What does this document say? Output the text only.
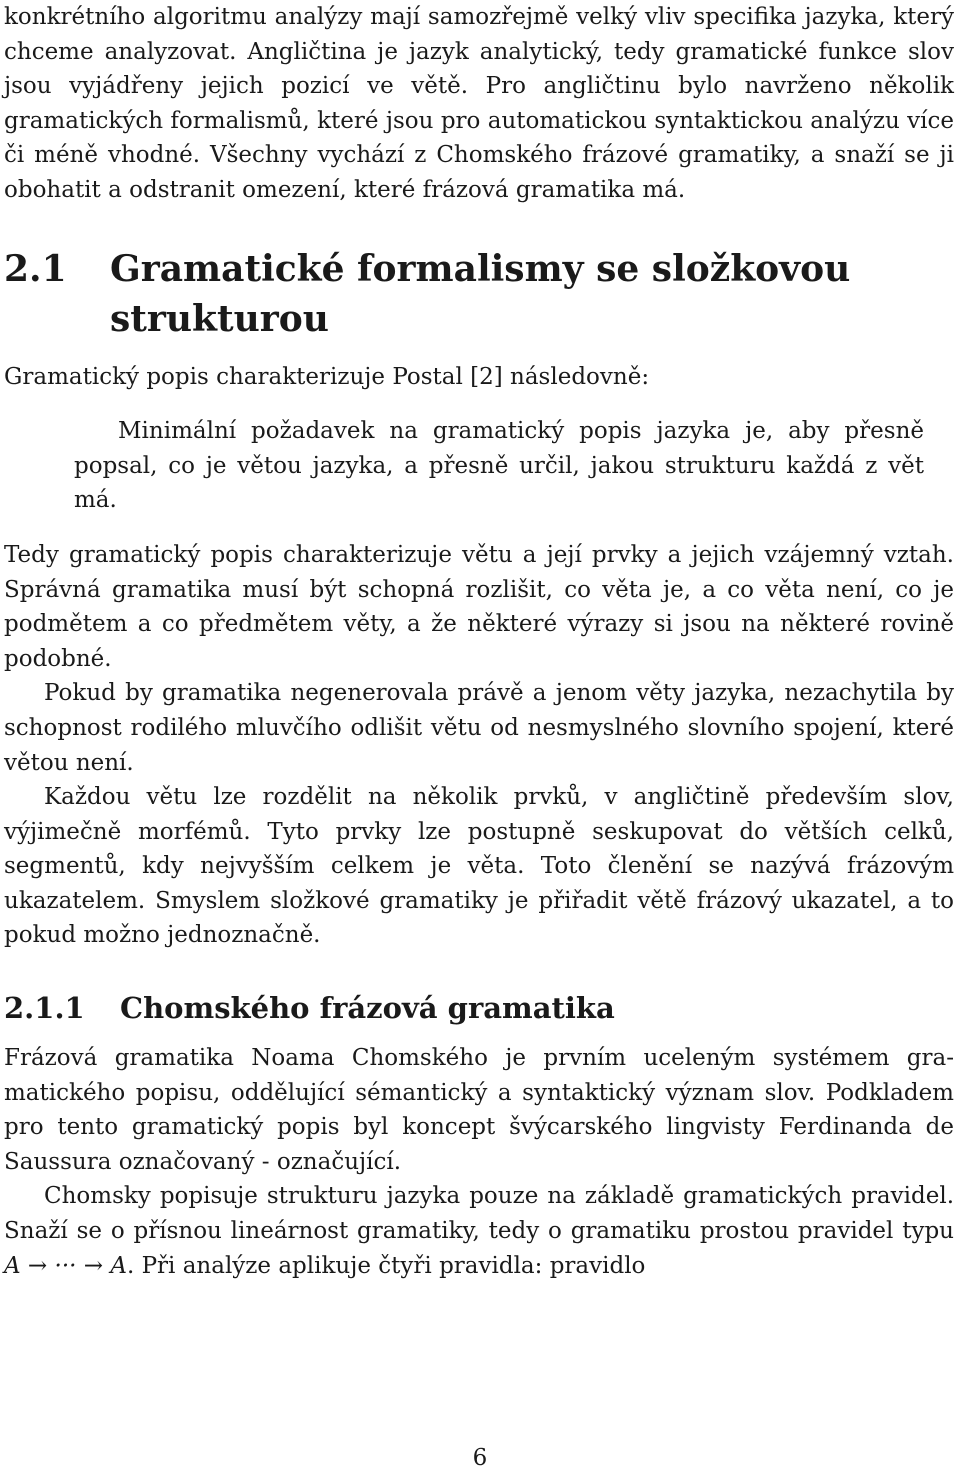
konkrétního algoritmu analýzy mají samozřejmě velký vliv specifika jazyka, který chceme analyzovat. Angličtina je jazyk analytický, tedy gramatické funkce slov jsou vyjádřeny jejich pozicí ve větě. Pro angličtinu bylo navrženo několik gramatických formalismů, které jsou pro automatickou syntaktickou analýzu více či méně vhodné. Všechny vychází z Chomského frázové gramatiky, a snaží se ji obohatit a odstranit omezení, které frázová gramatika má.

2.1	Gramatické formalismy se složkovou strukturou

Gramatický popis charakterizuje Postal [2] následovně:

Minimální požadavek na gramatický popis jazyka je, aby přesně popsal, co je větou jazyka, a přesně určil, jakou strukturu každá z vět má.

Tedy gramatický popis charakterizuje větu a její prvky a jejich vzájemný vztah. Správná gramatika musí být schopná rozlišit, co věta je, a co věta není, co je podmětem a co předmětem věty, a že některé výrazy si jsou na některé rovině podobné.

Pokud by gramatika negenerovala právě a jenom věty jazyka, nezachytila by schopnost rodilého mluvčího odlišit větu od nesmyslného slovního spojení, které větou není.

Každou větu lze rozdělit na několik prvků, v angličtině především slov, výjimečně morfémů. Tyto prvky lze postupně seskupovat do větších celků, segmentů, kdy nejvyšším celkem je věta. Toto členění se nazývá frázovým ukazatelem. Smyslem složkové gramatiky je přiřadit větě frázový ukazatel, a to pokud možno jednoznačně.

2.1.1	Chomského frázová gramatika

Frázová gramatika Noama Chomského je prvním uceleným systémem gramatického popisu, oddělující sémantický a syntaktický význam slov. Podkladem pro tento gramatický popis byl koncept švýcarského lingvisty Ferdinanda de Saussura označovaný - označující.

Chomsky popisuje strukturu jazyka pouze na základě gramatických pravidel. Snaží se o přísnou lineárnost gramatiky, tedy o gramatiku prostou pravidel typu A → ··· → A. Při analýze aplikuje čtyři pravidla: pravidlo

6
